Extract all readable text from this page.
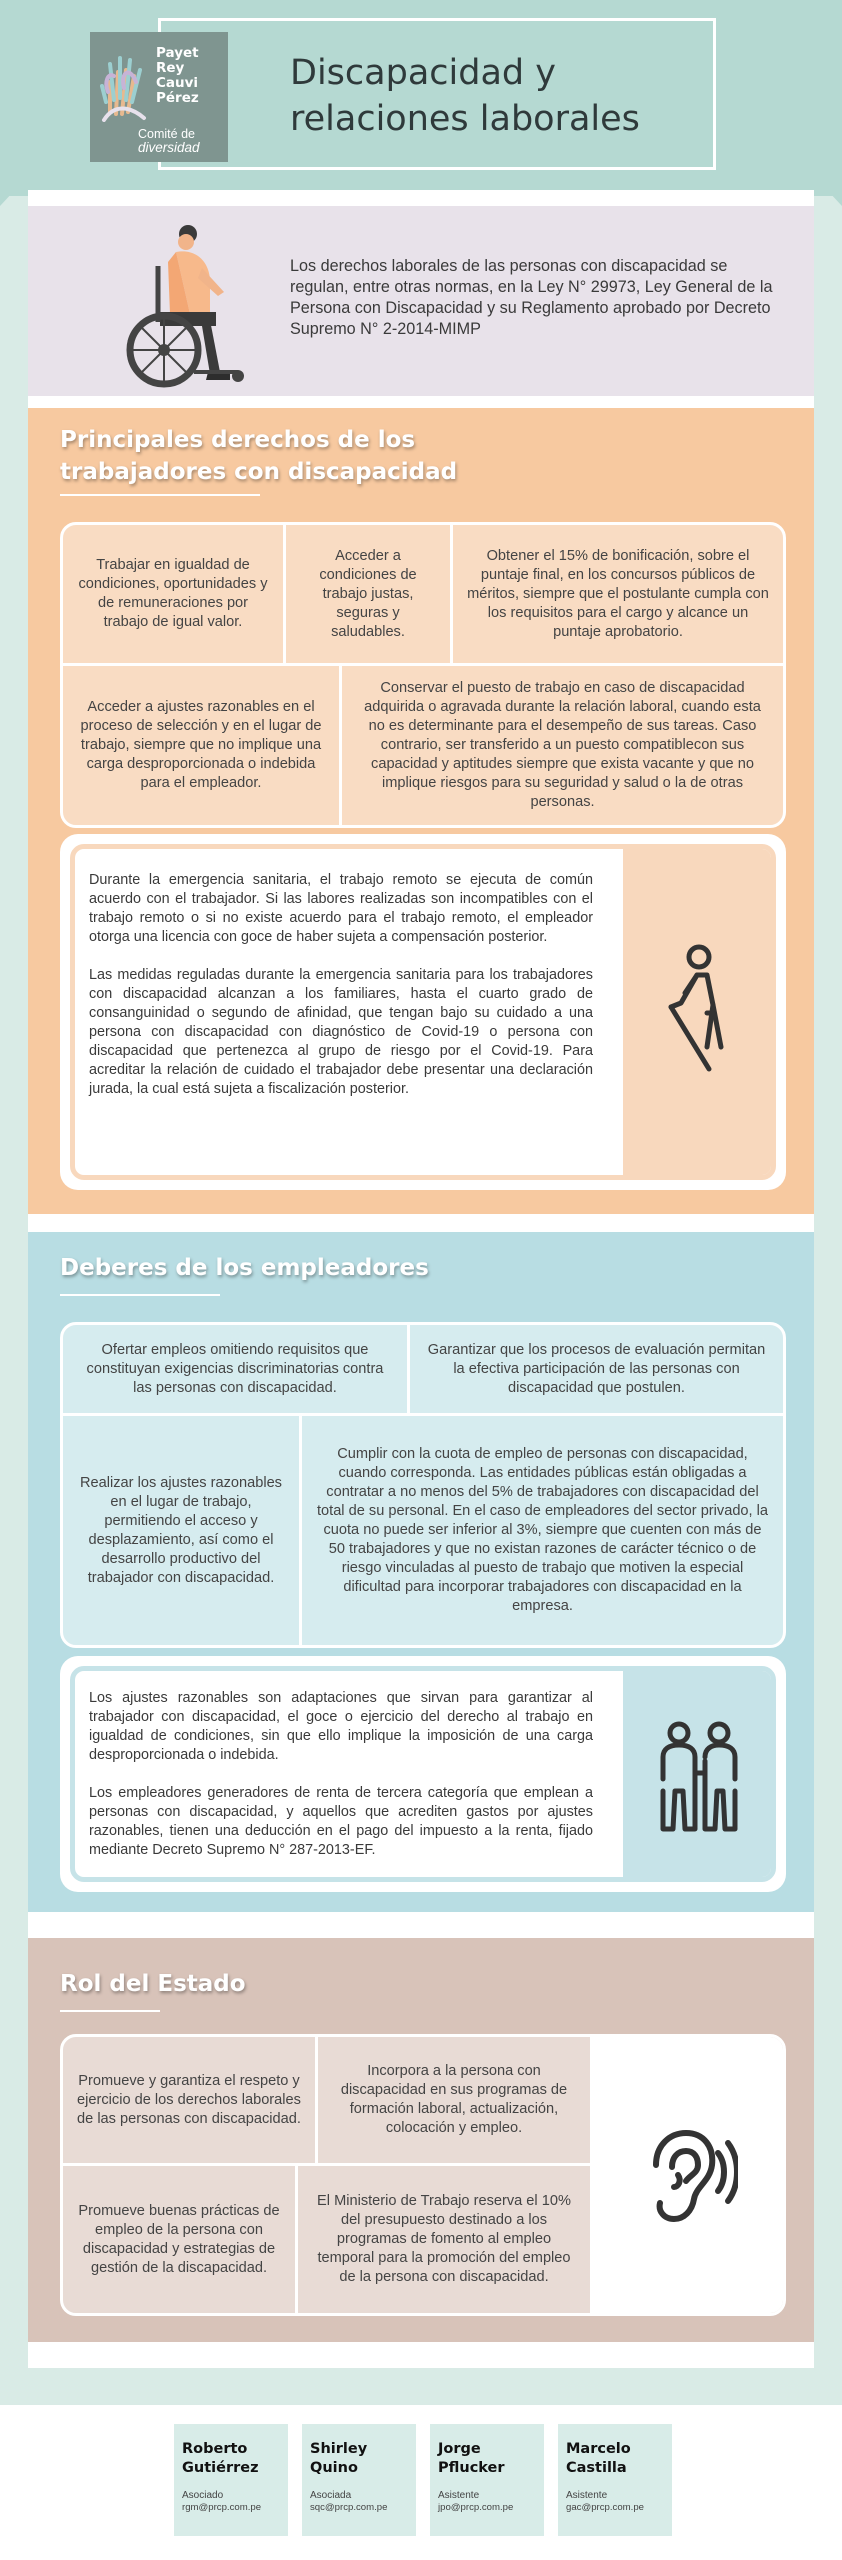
Payet
Rey
Cauvi
Pérez
Comité de
diversidad
Discapacidad y
relaciones laborales
Los derechos laborales de las personas con discapacidad se regulan, entre otras normas, en la Ley N° 29973, Ley General de la Persona con Discapacidad y su Reglamento aprobado por Decreto Supremo N° 2-2014-MIMP
Principales derechos de los
trabajadores con discapacidad
Trabajar en igualdad de condiciones, oportunidades y de remuneraciones por trabajo de igual valor.
Acceder a condiciones de trabajo justas, seguras y saludables.
Obtener el 15% de bonificación, sobre el puntaje final, en los concursos públicos de méritos, siempre que el postulante cumpla con los requisitos para el cargo y alcance un puntaje aprobatorio.
Acceder a ajustes razonables en el proceso de selección y en el lugar de trabajo, siempre que no implique una carga desproporcionada o indebida para el empleador.
Conservar el puesto de trabajo en caso de discapacidad adquirida o agravada durante la relación laboral, cuando esta no es determinante para el desempeño de sus tareas. Caso contrario, ser transferido a un puesto compatiblecon sus capacidad y aptitudes siempre que exista vacante y que no implique riesgos para su seguridad y salud o la de otras personas.

Durante la emergencia sanitaria, el trabajo remoto se ejecuta de común acuerdo con el trabajador. Si las labores realizadas son incompatibles con el trabajo remoto o si no existe acuerdo para el trabajo remoto, el empleador otorga una licencia con goce de haber sujeta a compensación posterior.

Las medidas reguladas durante la emergencia sanitaria para los trabajadores con discapacidad alcanzan a los familiares, hasta el cuarto grado de consanguinidad o segundo de afinidad, que tengan bajo su cuidado a una persona con discapacidad con diagnóstico de Covid-19 o persona con discapacidad que pertenezca al grupo de riesgo por el Covid-19. Para acreditar la relación de cuidado el trabajador debe presentar una declaración jurada, la cual está sujeta a fiscalización posterior.

Deberes de los empleadores
Ofertar empleos omitiendo requisitos que constituyan exigencias discriminatorias contra las personas con discapacidad.
Garantizar que los procesos de evaluación permitan la efectiva participación de las personas con discapacidad que postulen.
Realizar los ajustes razonables en el lugar de trabajo, permitiendo el acceso y desplazamiento, así como el desarrollo productivo del trabajador con discapacidad.
Cumplir con la cuota de empleo de personas con discapacidad, cuando corresponda. Las entidades públicas están obligadas a contratar a no menos del 5% de trabajadores con discapacidad del total de su personal. En el caso de empleadores del sector privado, la cuota no puede ser inferior al 3%, siempre que cuenten con más de 50 trabajadores y que no existan razones de carácter técnico o de riesgo vinculadas al puesto de trabajo que motiven la especial dificultad para incorporar trabajadores con discapacidad en la empresa.

Los ajustes razonables son adaptaciones que sirvan para garantizar al trabajador con discapacidad, el goce o ejercicio del derecho al trabajo en igualdad de condiciones, sin que ello implique la imposición de una carga desproporcionada o indebida.

Los empleadores generadores de renta de tercera categoría que emplean a personas con discapacidad, y aquellos que acrediten gastos por ajustes razonables, tienen una deducción en el pago del impuesto a la renta, fijado mediante Decreto Supremo N° 287-2013-EF.

Rol del Estado
Promueve y garantiza el respeto y ejercicio de los derechos laborales de las personas con discapacidad.
Incorpora a la persona con discapacidad en sus programas de formación laboral, actualización, colocación y empleo.
Promueve buenas prácticas de empleo de la persona con discapacidad y estrategias de gestión de la discapacidad.
El Ministerio de Trabajo reserva el 10% del presupuesto destinado a los programas de fomento al empleo temporal para la promoción del empleo de la persona con discapacidad.
Roberto
Gutiérrez
Asociado
rgm@prcp.com.pe
Shirley
Quino
Asociada
sqc@prcp.com.pe
Jorge
Pflucker
Asistente
jpo@prcp.com.pe
Marcelo
Castilla
Asistente
gac@prcp.com.pe
